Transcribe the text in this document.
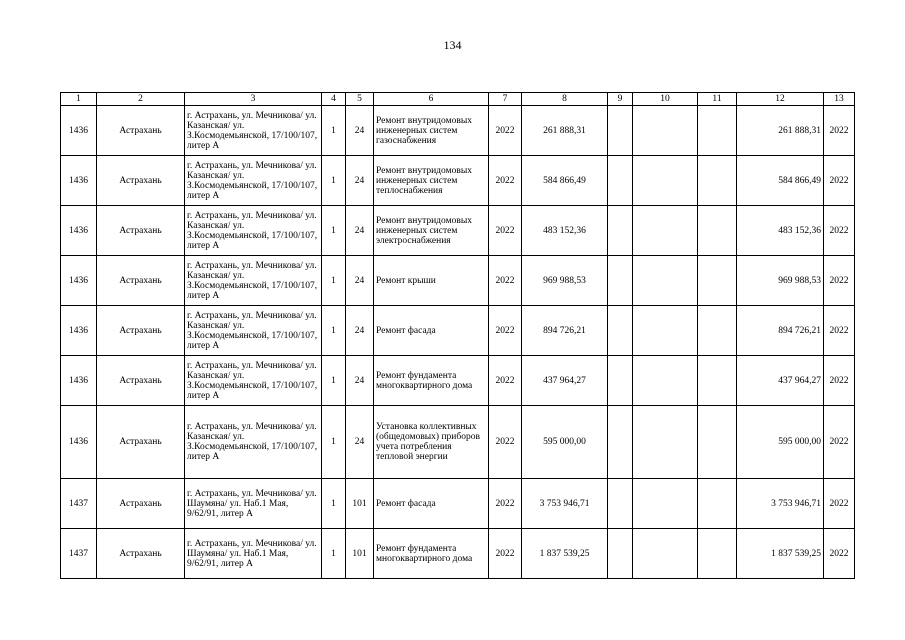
134
1	2	3	4	5	6	7	8	9	10	11	12	13
1436	Астрахань	г. Астрахань, ул. Мечникова/ ул. Казанская/ ул. З.Космодемьянской, 17/100/107, литер А	1	24	Ремонт внутридомовых инженерных систем газоснабжения	2022	261 888,31				261 888,31	2022
1436	Астрахань	г. Астрахань, ул. Мечникова/ ул. Казанская/ ул. З.Космодемьянской, 17/100/107, литер А	1	24	Ремонт внутридомовых инженерных систем теплоснабжения	2022	584 866,49				584 866,49	2022
1436	Астрахань	г. Астрахань, ул. Мечникова/ ул. Казанская/ ул. З.Космодемьянской, 17/100/107, литер А	1	24	Ремонт внутридомовых инженерных систем электроснабжения	2022	483 152,36				483 152,36	2022
1436	Астрахань	г. Астрахань, ул. Мечникова/ ул. Казанская/ ул. З.Космодемьянской, 17/100/107, литер А	1	24	Ремонт крыши	2022	969 988,53				969 988,53	2022
1436	Астрахань	г. Астрахань, ул. Мечникова/ ул. Казанская/ ул. З.Космодемьянской, 17/100/107, литер А	1	24	Ремонт фасада	2022	894 726,21				894 726,21	2022
1436	Астрахань	г. Астрахань, ул. Мечникова/ ул. Казанская/ ул. З.Космодемьянской, 17/100/107, литер А	1	24	Ремонт фундамента многоквартирного дома	2022	437 964,27				437 964,27	2022
1436	Астрахань	г. Астрахань, ул. Мечникова/ ул. Казанская/ ул. З.Космодемьянской, 17/100/107, литер А	1	24	Установка коллективных (общедомовых) приборов учета потребления тепловой энергии	2022	595 000,00				595 000,00	2022
1437	Астрахань	г. Астрахань, ул. Мечникова/ ул. Шаумяна/ ул. Наб.1 Мая, 9/62/91, литер А	1	101	Ремонт фасада	2022	3 753 946,71				3 753 946,71	2022
1437	Астрахань	г. Астрахань, ул. Мечникова/ ул. Шаумяна/ ул. Наб.1 Мая, 9/62/91, литер А	1	101	Ремонт фундамента многоквартирного дома	2022	1 837 539,25				1 837 539,25	2022
